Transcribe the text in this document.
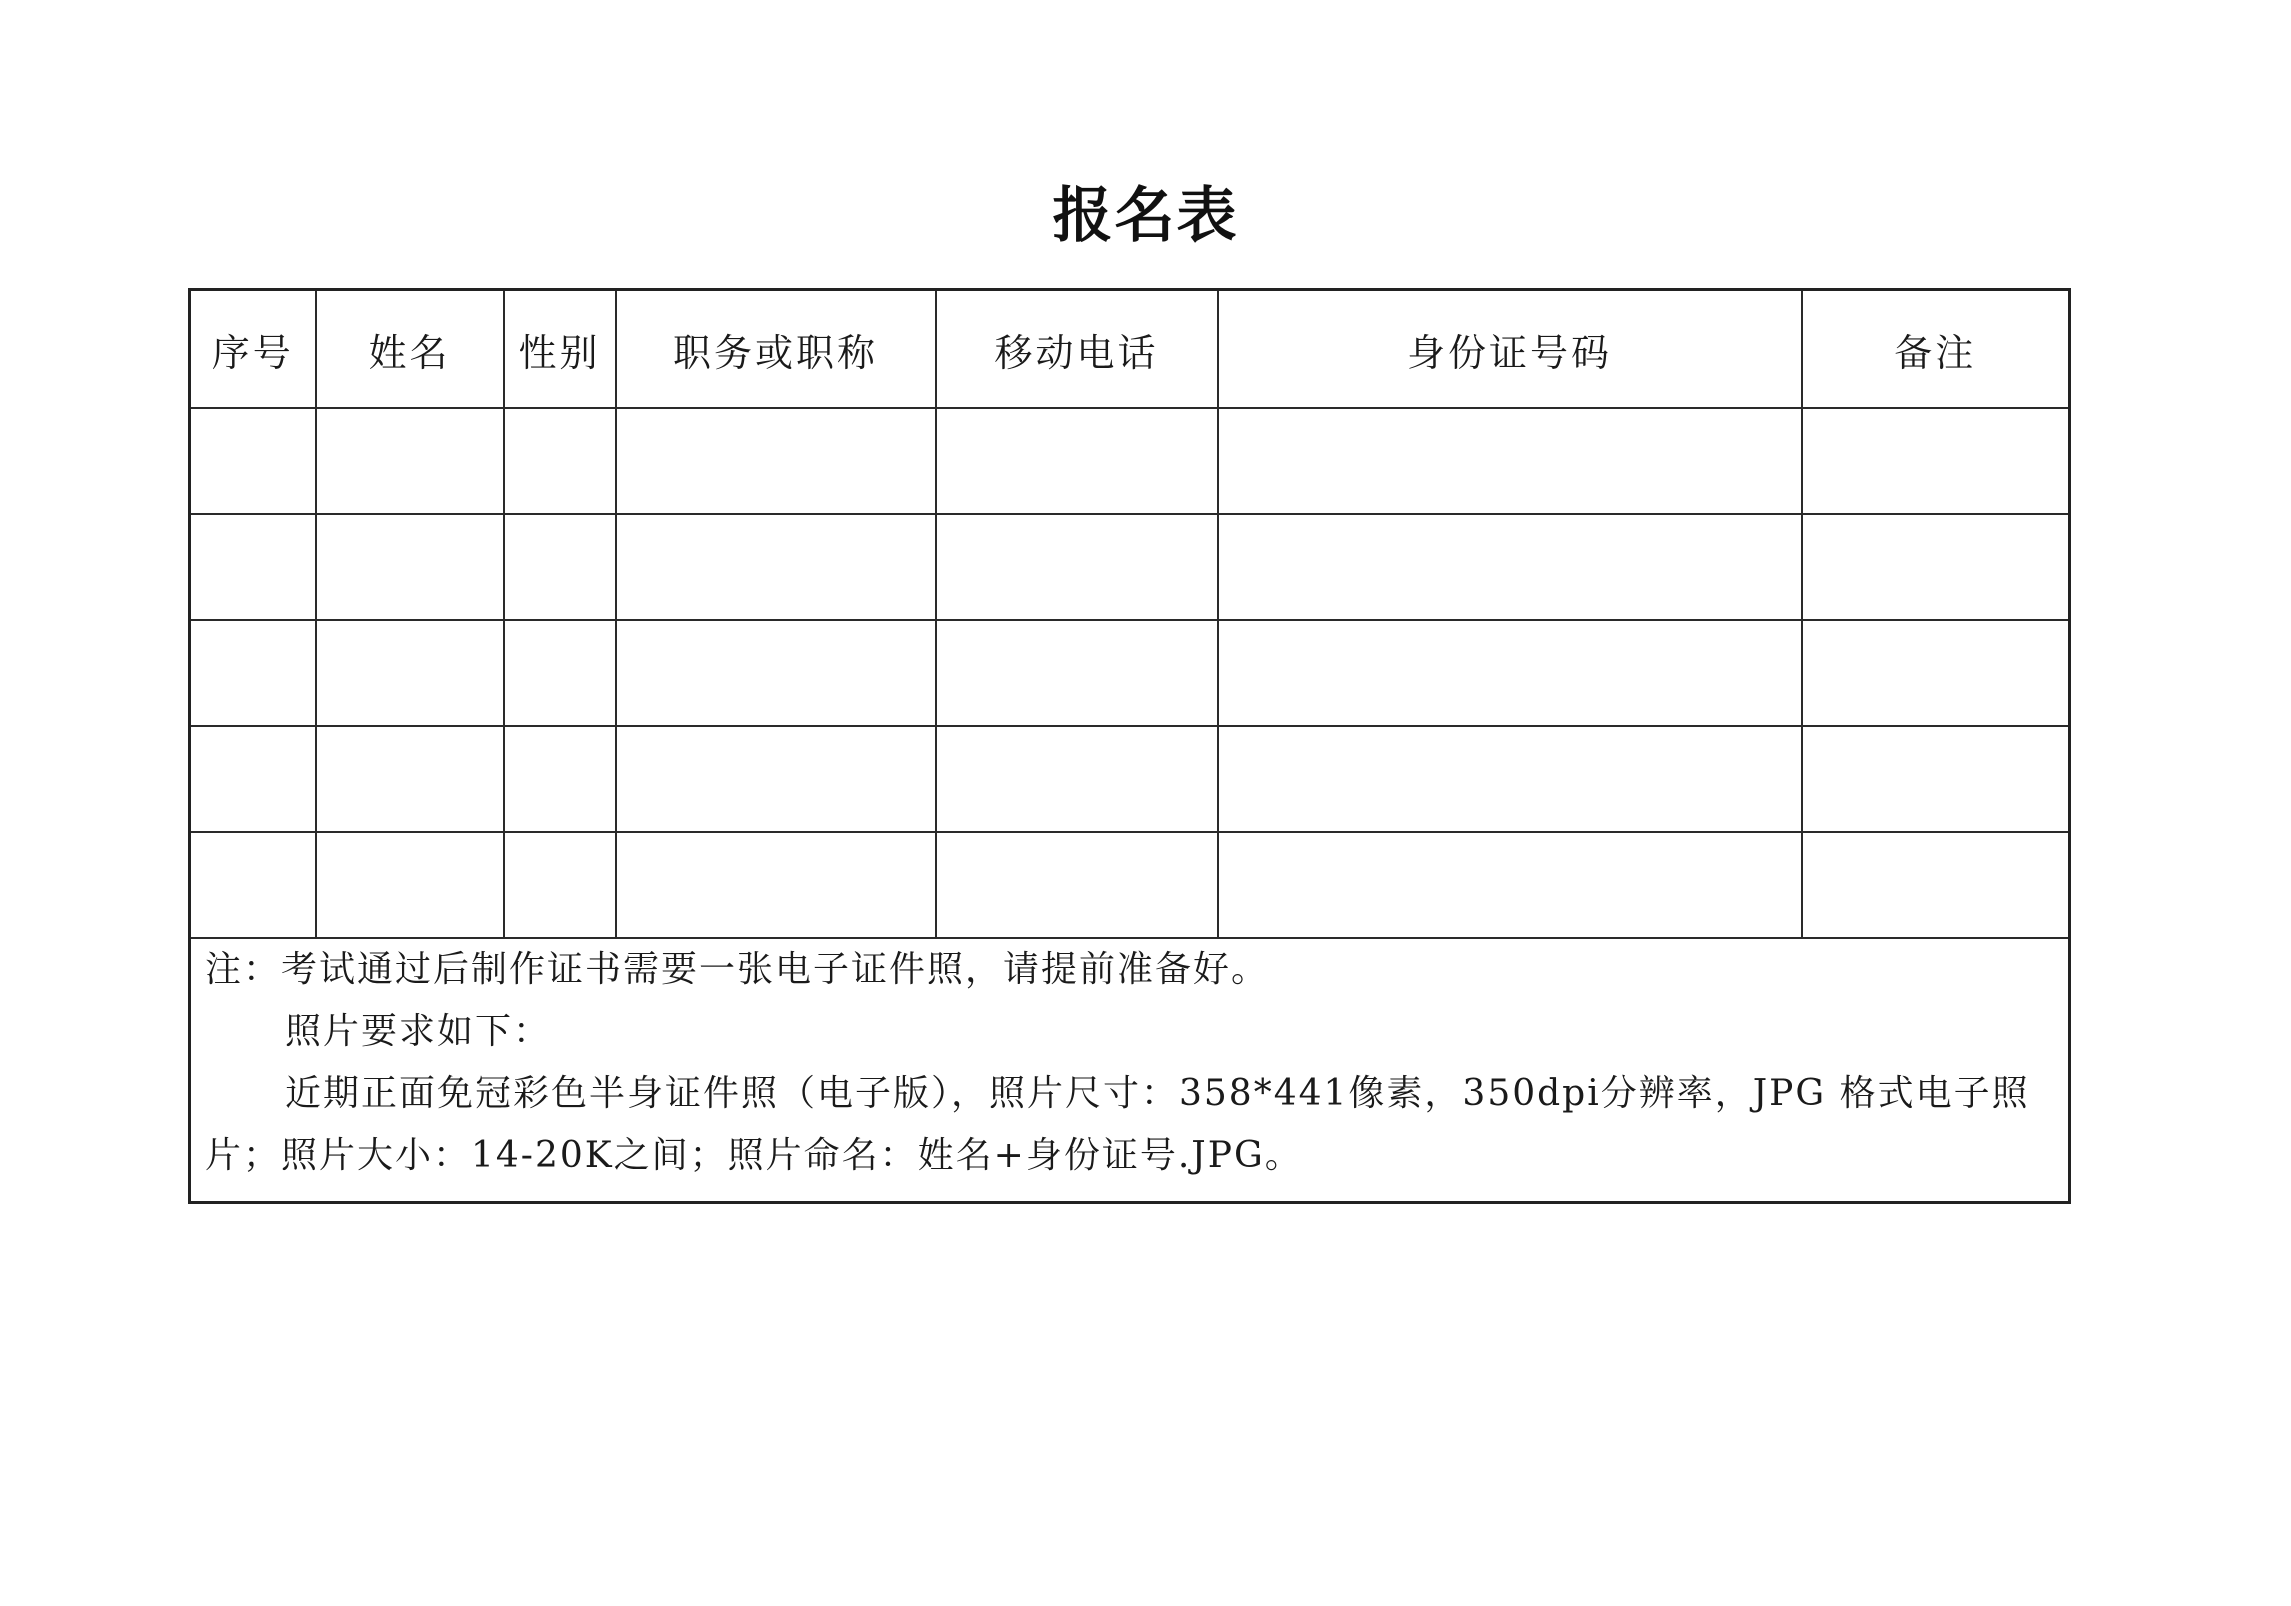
报名表
序号	姓名	性别	职务或职称	移动电话	身份证号码	备注

注：考试通过后制作证书需要一张电子证件照，请提前准备好。

照片要求如下：

近期正面免冠彩色半身证件照（电子版），照片尺寸：358*441像素，350dpi分辨率，JPG 格式电子照片；照片大小：14-20K之间；照片命名：姓名+身份证号.JPG。						
